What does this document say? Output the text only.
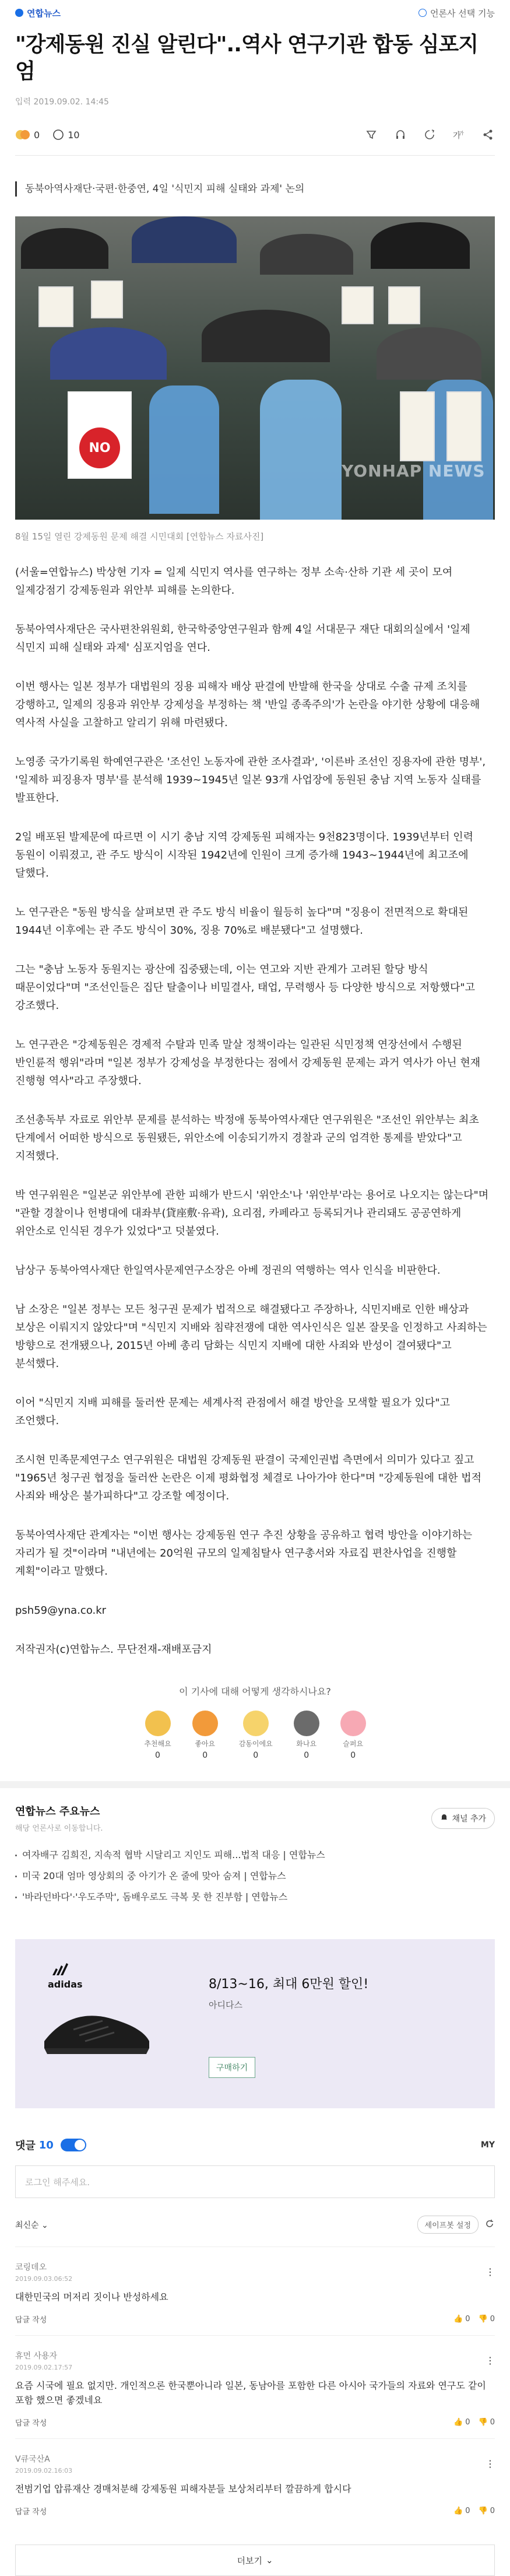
연합뉴스	언론사 선택 기능
"강제동원 진실 알린다"..역사 연구기관 합동 심포지엄
입력 2019.09.02. 14:45
0	10	가
가
동북아역사재단·국편·한중연, 4일 '식민지 피해 실태와 과제' 논의
NO
YONHAP NEWS
8월 15일 열린 강제동원 문제 해결 시민대회 [연합뉴스 자료사진]

(서울=연합뉴스) 박상현 기자 = 일제 식민지 역사를 연구하는 정부 소속·산하 기관 세 곳이 모여 일제강점기 강제동원과 위안부 피해를 논의한다.

동북아역사재단은 국사편찬위원회, 한국학중앙연구원과 함께 4일 서대문구 재단 대회의실에서 '일제 식민지 피해 실태와 과제' 심포지엄을 연다.

이번 행사는 일본 정부가 대법원의 징용 피해자 배상 판결에 반발해 한국을 상대로 수출 규제 조치를 강행하고, 일제의 징용과 위안부 강제성을 부정하는 책 '반일 종족주의'가 논란을 야기한 상황에 대응해 역사적 사실을 고찰하고 알리기 위해 마련됐다.

노영종 국가기록원 학예연구관은 '조선인 노동자에 관한 조사결과', '이른바 조선인 징용자에 관한 명부', '일제하 피징용자 명부'를 분석해 1939∼1945년 일본 93개 사업장에 동원된 충남 지역 노동자 실태를 발표한다.

2일 배포된 발제문에 따르면 이 시기 충남 지역 강제동원 피해자는 9천823명이다. 1939년부터 인력 동원이 이뤄졌고, 관 주도 방식이 시작된 1942년에 인원이 크게 증가해 1943∼1944년에 최고조에 달했다.

노 연구관은 "동원 방식을 살펴보면 관 주도 방식 비율이 월등히 높다"며 "징용이 전면적으로 확대된 1944년 이후에는 관 주도 방식이 30%, 징용 70%로 배분됐다"고 설명했다.

그는 "충남 노동자 동원지는 광산에 집중됐는데, 이는 연고와 지반 관계가 고려된 할당 방식 때문이었다"며 "조선인들은 집단 탈출이나 비밀결사, 태업, 무력행사 등 다양한 방식으로 저항했다"고 강조했다.

노 연구관은 "강제동원은 경제적 수탈과 민족 말살 정책이라는 일관된 식민정책 연장선에서 수행된 반인륜적 행위"라며 "일본 정부가 강제성을 부정한다는 점에서 강제동원 문제는 과거 역사가 아닌 현재 진행형 역사"라고 주장했다.

조선총독부 자료로 위안부 문제를 분석하는 박정애 동북아역사재단 연구위원은 "조선인 위안부는 최초 단계에서 어떠한 방식으로 동원됐든, 위안소에 이송되기까지 경찰과 군의 엄격한 통제를 받았다"고 지적했다.

박 연구위원은 "일본군 위안부에 관한 피해가 반드시 '위안소'나 '위안부'라는 용어로 나오지는 않는다"며 "관할 경찰이나 헌병대에 대좌부(貸座敷·유곽), 요리점, 카페라고 등록되거나 관리돼도 공공연하게 위안소로 인식된 경우가 있었다"고 덧붙였다.

남상구 동북아역사재단 한일역사문제연구소장은 아베 정권의 역행하는 역사 인식을 비판한다.

남 소장은 "일본 정부는 모든 청구권 문제가 법적으로 해결됐다고 주장하나, 식민지배로 인한 배상과 보상은 이뤄지지 않았다"며 "식민지 지배와 침략전쟁에 대한 역사인식은 일본 잘못을 인정하고 사죄하는 방향으로 전개됐으나, 2015년 아베 총리 담화는 식민지 지배에 대한 사죄와 반성이 결여됐다"고 분석했다.

이어 "식민지 지배 피해를 둘러싼 문제는 세계사적 관점에서 해결 방안을 모색할 필요가 있다"고 조언했다.

조시현 민족문제연구소 연구위원은 대법원 강제동원 판결이 국제인권법 측면에서 의미가 있다고 짚고 "1965년 청구권 협정을 둘러싼 논란은 이제 평화협정 체결로 나아가야 한다"며 "강제동원에 대한 법적 사죄와 배상은 불가피하다"고 강조할 예정이다.

동북아역사재단 관계자는 "이번 행사는 강제동원 연구 추진 상황을 공유하고 협력 방안을 이야기하는 자리가 될 것"이라며 "내년에는 20억원 규모의 일제침탈사 연구총서와 자료집 편찬사업을 진행할 계획"이라고 말했다.

psh59@yna.co.kr

저작권자(c)연합뉴스. 무단전재-재배포금지

이 기사에 대해 어떻게 생각하시나요?
추천해요
0
좋아요
0
감동이에요
0
화나요
0
슬퍼요
0
연합뉴스 주요뉴스
해당 언론사로 이동합니다.
채널 추가
여자배구 김희진, 지속적 협박 시달리고 지인도 피해...법적 대응 | 연합뉴스
미국 20대 엄마 영상회의 중 아기가 온 줄에 맞아 숨져 | 연합뉴스
'바라던바다'·'우도주막', 돔배우로도 극복 못 한 진부함 | 연합뉴스
adidas	8/13~16, 최대 6만원 할인!
아디다스
구매하기
댓글 10	MY
로그인 해주세요.
최신순 ⌄	세이프봇 설정
코링데오
2019.09.03.06:52
⋮
대한민국의 머저리 짓이나 반성하세요
답글 작성	👍 0 👎 0
휴먼 사용자
2019.09.02.17:57
⋮
요즘 시국에 필요 없지만. 개인적으론 한국뿐아니라 일본, 동남아를 포함한 다른 아시아 국가들의 자료와 연구도 같이 포함 했으면 좋겠네요
답글 작성	👍 0 👎 0
V큐국산A
2019.09.02.16:03
⋮
전범기업 압류재산 경매처분해 강제동원 피해자분들 보상처리부터 깔끔하게 합시다
답글 작성	👍 0 👎 0
더보기 ⌄
